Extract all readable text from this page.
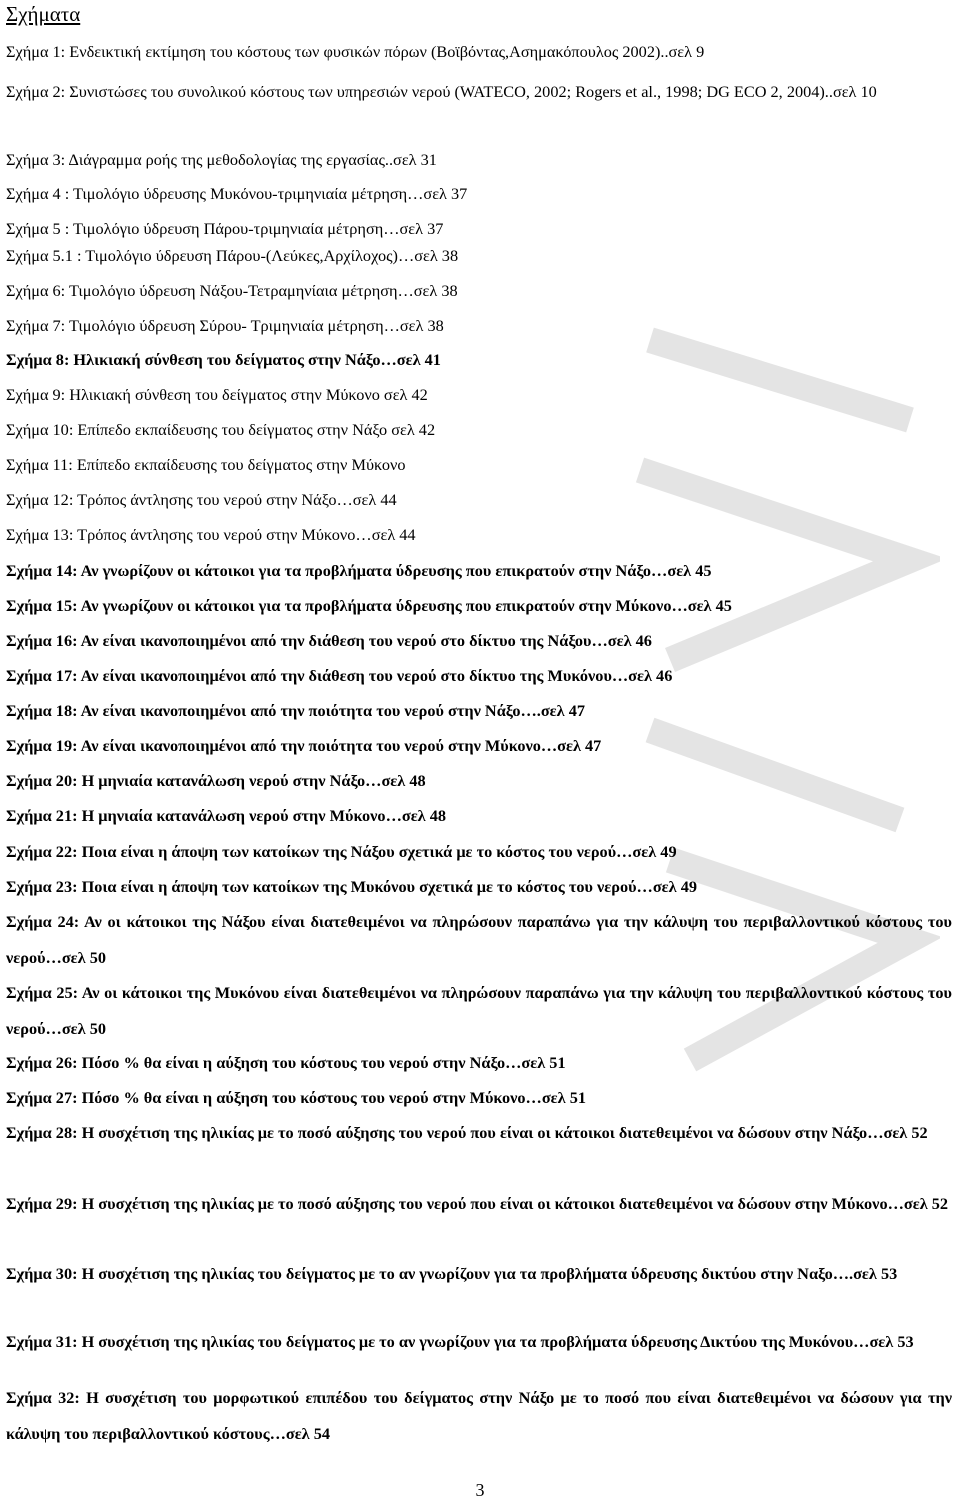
Σχήματα
Σχήμα 1: Ενδεικτική εκτίμηση του κόστους των φυσικών πόρων (Βοϊβόντας,Ασημακόπουλος 2002)..σελ 9
Σχήμα 2: Συνιστώσες του συνολικού κόστους των υπηρεσιών νερού (WATECO, 2002; Rogers et al., 1998; DG ECO 2, 2004)..σελ 10
Σχήμα 3: Διάγραμμα ροής της μεθοδολογίας της εργασίας..σελ 31
Σχήμα 4 : Τιμολόγιο ύδρευσης Μυκόνου-τριμηνιαία μέτρηση…σελ 37
Σχήμα 5 : Τιμολόγιο ύδρευση Πάρου-τριμηνιαία μέτρηση…σελ 37
Σχήμα 5.1 : Τιμολόγιο ύδρευση Πάρου-(Λεύκες,Αρχίλοχος)…σελ 38
Σχήμα 6: Τιμολόγιο ύδρευση Νάξου-Τετραμηνίαια μέτρηση…σελ 38
Σχήμα 7: Τιμολόγιο ύδρευση Σύρου- Τριμηνιαία μέτρηση…σελ 38
Σχήμα 8: Ηλικιακή σύνθεση του δείγματος στην Νάξο…σελ 41
Σχήμα 9: Ηλικιακή σύνθεση του δείγματος στην Μύκονο σελ 42
Σχήμα 10: Επίπεδο εκπαίδευσης του δείγματος στην Νάξο σελ 42
Σχήμα 11: Επίπεδο εκπαίδευσης του δείγματος στην Μύκονο
Σχήμα 12: Τρόπος άντλησης του νερού στην Νάξο…σελ 44
Σχήμα 13: Τρόπος άντλησης του νερού στην Μύκονο…σελ 44
Σχήμα 14: Αν γνωρίζουν οι κάτοικοι για τα προβλήματα ύδρευσης που επικρατούν στην Νάξο…σελ 45
Σχήμα 15: Αν γνωρίζουν οι κάτοικοι για τα προβλήματα ύδρευσης που επικρατούν στην Μύκονο…σελ 45
Σχήμα 16: Αν είναι ικανοποιημένοι από την διάθεση του νερού στο δίκτυο της Νάξου…σελ 46
Σχήμα 17: Αν είναι ικανοποιημένοι από την διάθεση του νερού στο δίκτυο της Μυκόνου…σελ 46
Σχήμα 18: Αν είναι ικανοποιημένοι από την ποιότητα του νερού στην Νάξο….σελ 47
Σχήμα 19: Αν είναι ικανοποιημένοι από την ποιότητα του νερού στην Μύκονο…σελ 47
Σχήμα 20: Η μηνιαία κατανάλωση νερού στην Νάξο…σελ 48
Σχήμα 21: Η μηνιαία κατανάλωση νερού στην Μύκονο…σελ 48
Σχήμα 22: Ποια είναι η άποψη των κατοίκων της Νάξου σχετικά με το κόστος του νερού…σελ 49
Σχήμα 23: Ποια είναι η άποψη των κατοίκων της Μυκόνου σχετικά με το κόστος του νερού…σελ 49
Σχήμα 24: Αν οι κάτοικοι της Νάξου είναι διατεθειμένοι να πληρώσουν παραπάνω για την κάλυψη του περιβαλλοντικού κόστους του νερού…σελ 50
Σχήμα 25: Αν οι κάτοικοι της Μυκόνου είναι διατεθειμένοι να πληρώσουν παραπάνω για την κάλυψη του περιβαλλοντικού κόστους του νερού…σελ 50
Σχήμα 26: Πόσο % θα είναι η αύξηση του κόστους του νερού στην Νάξο…σελ 51
Σχήμα 27: Πόσο % θα είναι η αύξηση του κόστους του νερού στην Μύκονο…σελ 51
Σχήμα 28: Η συσχέτιση της ηλικίας με το ποσό αύξησης του νερού που είναι οι κάτοικοι διατεθειμένοι να δώσουν στην Νάξο…σελ 52
Σχήμα 29: Η συσχέτιση της ηλικίας με το ποσό αύξησης του νερού που είναι οι κάτοικοι διατεθειμένοι να δώσουν στην Μύκονο…σελ 52
Σχήμα 30: Η συσχέτιση της ηλικίας του δείγματος με το αν γνωρίζουν για τα προβλήματα ύδρευσης δικτύου στην Ναξο….σελ 53
Σχήμα 31: Η συσχέτιση της ηλικίας του δείγματος με το αν γνωρίζουν για τα προβλήματα ύδρευσης Δικτύου της Μυκόνου…σελ 53
Σχήμα 32: Η συσχέτιση του μορφωτικού επιπέδου του δείγματος στην Νάξο με το ποσό που είναι διατεθειμένοι να δώσουν για την κάλυψη του περιβαλλοντικού κόστους…σελ 54
3
